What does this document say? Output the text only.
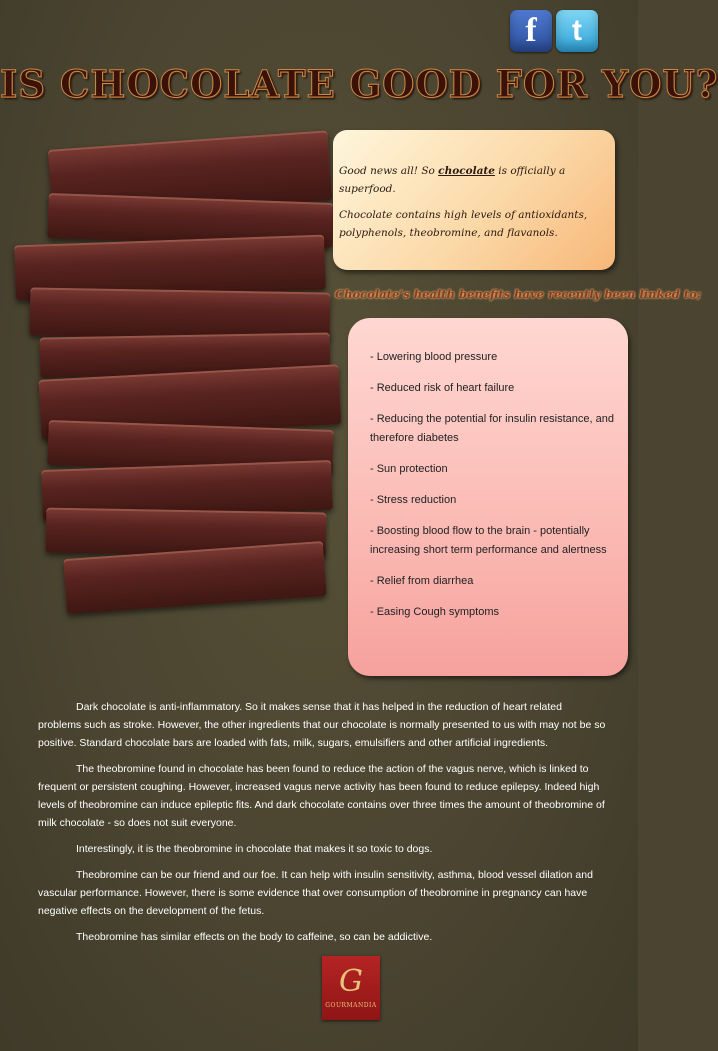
f	t
IS CHOCOLATE GOOD FOR YOU?

Good news all! So chocolate is officially a superfood.

Chocolate contains high levels of antioxidants, polyphenols, theobromine, and flavanols.

Chocolate’s health benefits have recently been linked to;
- Lowering blood pressure
- Reduced risk of heart failure
- Reducing the potential for insulin resistance, and therefore diabetes
- Sun protection
- Stress reduction
- Boosting blood flow to the brain - potentially increasing short term performance and alertness
- Relief from diarrhea
- Easing Cough symptoms

Dark chocolate is anti-inflammatory. So it makes sense that it has helped in the reduction of heart related problems such as stroke. However, the other ingredients that our chocolate is normally presented to us with may not be so positive. Standard chocolate bars are loaded with fats, milk, sugars, emulsifiers and other artificial ingredients.

The theobromine found in chocolate has been found to reduce the action of the vagus nerve, which is linked to frequent or persistent coughing. However, increased vagus nerve activity has been found to reduce epilepsy. Indeed high levels of theobromine can induce epileptic fits. And dark chocolate contains over three times the amount of theobromine of milk chocolate - so does not suit everyone.

Interestingly, it is the theobromine in chocolate that makes it so toxic to dogs.

Theobromine can be our friend and our foe. It can help with insulin sensitivity, asthma, blood vessel dilation and vascular performance. However, there is some evidence that over consumption of theobromine in pregnancy can have negative effects on the development of the fetus.

Theobromine has similar effects on the body to caffeine, so can be addictive.

G
GOURMANDIA
